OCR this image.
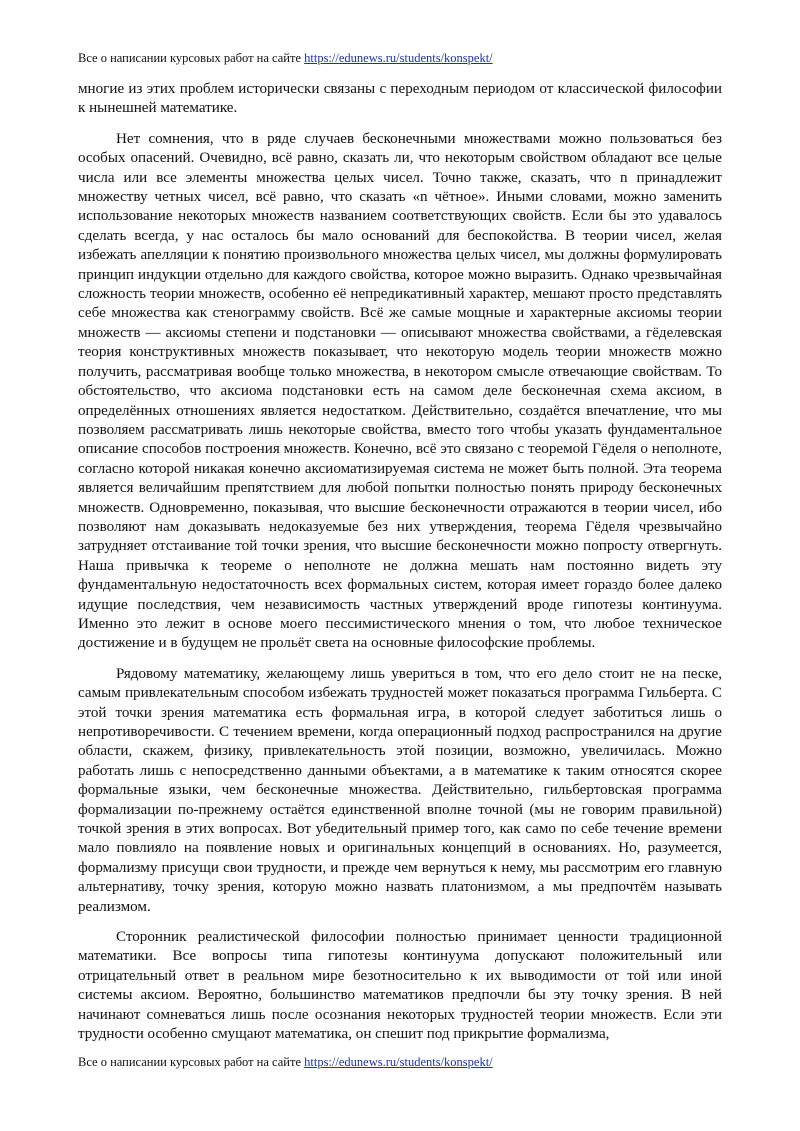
Все о написании курсовых работ на сайте https://edunews.ru/students/konspekt/

многие из этих проблем исторически связаны с переходным периодом от классической философии к нынешней математике.

Нет сомнения, что в ряде случаев бесконечными множествами можно пользоваться без особых опасений. Очевидно, всё равно, сказать ли, что некоторым свойством обладают все целые числа или все элементы множества целых чисел. Точно также, сказать, что n принадлежит множеству четных чисел, всё равно, что сказать «n чётное». Иными словами, можно заменить использование некоторых множеств названием соответствующих свойств. Если бы это удавалось сделать всегда, у нас осталось бы мало оснований для беспокойства. В теории чисел, желая избежать апелляции к понятию произвольного множества целых чисел, мы должны формулировать принцип индукции отдельно для каждого свойства, которое можно выразить. Однако чрезвычайная сложность теории множеств, особенно её непредикативный характер, мешают просто представлять себе множества как стенограмму свойств. Всё же самые мощные и характерные аксиомы теории множеств — аксиомы степени и подстановки — описывают множества свойствами, а гёделевская теория конструктивных множеств показывает, что некоторую модель теории множеств можно получить, рассматривая вообще только множества, в некотором смысле отвечающие свойствам. То обстоятельство, что аксиома подстановки есть на самом деле бесконечная схема аксиом, в определённых отношениях является недостатком. Действительно, создаётся впечатление, что мы позволяем рассматривать лишь некоторые свойства, вместо того чтобы указать фундаментальное описание способов построения множеств. Конечно, всё это связано с теоремой Гёделя о неполноте, согласно которой никакая конечно аксиоматизируемая система не может быть полной. Эта теорема является величайшим препятствием для любой попытки полностью понять природу бесконечных множеств. Одновременно, показывая, что высшие бесконечности отражаются в теории чисел, ибо позволяют нам доказывать недоказуемые без них утверждения, теорема Гёделя чрезвычайно затрудняет отстаивание той точки зрения, что высшие бесконечности можно попросту отвергнуть. Наша привычка к теореме о неполноте не должна мешать нам постоянно видеть эту фундаментальную недостаточность всех формальных систем, которая имеет гораздо более далеко идущие последствия, чем независимость частных утверждений вроде гипотезы континуума. Именно это лежит в основе моего пессимистического мнения о том, что любое техническое достижение и в будущем не прольёт света на основные философские проблемы.

Рядовому математику, желающему лишь увериться в том, что его дело стоит не на песке, самым привлекательным способом избежать трудностей может показаться программа Гильберта. С этой точки зрения математика есть формальная игра, в которой следует заботиться лишь о непротиворечивости. С течением времени, когда операционный подход распространился на другие области, скажем, физику, привлекательность этой позиции, возможно, увеличилась. Можно работать лишь с непосредственно данными объектами, а в математике к таким относятся скорее формальные языки, чем бесконечные множества. Действительно, гильбертовская программа формализации по-прежнему остаётся единственной вполне точной (мы не говорим правильной) точкой зрения в этих вопросах. Вот убедительный пример того, как само по себе течение времени мало повлияло на появление новых и оригинальных концепций в основаниях. Но, разумеется, формализму присущи свои трудности, и прежде чем вернуться к нему, мы рассмотрим его главную альтернативу, точку зрения, которую можно назвать платонизмом, а мы предпочтём называть реализмом.

Сторонник реалистической философии полностью принимает ценности традиционной математики. Все вопросы типа гипотезы континуума допускают положительный или отрицательный ответ в реальном мире безотносительно к их выводимости от той или иной системы аксиом. Вероятно, большинство математиков предпочли бы эту точку зрения. В ней начинают сомневаться лишь после осознания некоторых трудностей теории множеств. Если эти трудности особенно смущают математика, он спешит под прикрытие формализма,

Все о написании курсовых работ на сайте https://edunews.ru/students/konspekt/
